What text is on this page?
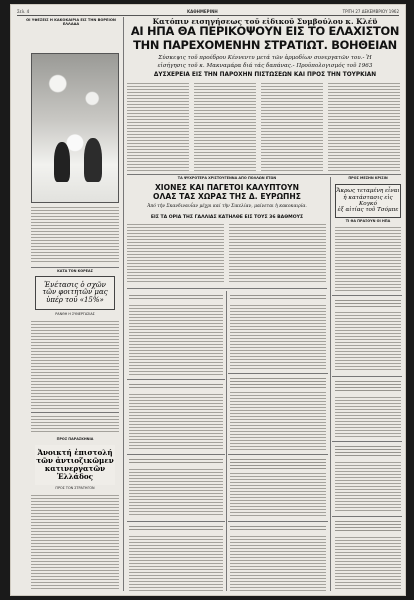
Σελ. 4	ΚΑΘΗΜΕΡΙΝΗ	ΤΡΙΤΗ 27 ΔΕΚΕΜΒΡΙΟΥ 1962
ΟΙ ΥΦΕΣΕΙΣ Η ΚΑΚΟΚΑΙΡΙΑ ΕΙΣ ΤΗΝ ΒΟΡΕΙΟΝ ΕΛΛΑΔΑ
ΚΑΤΑ ΤΟΝ ΚΟΡΕΑΣ
Ἐνέτασις ὁ σχῶν
τῶν φοιτητῶν μας
ὑπέρ τοῦ «15%»
ΡΑΝΘΗ Η ΣΥΝΕΡΓΑΣΙΑΣ
ΠΡΟΣ ΠΑΡΑΣΚΗΝΙΑ
Ἀνοικτή ἐπιστολή
τῶν ἀντιοζικῶμεν
κατινεργατῶν Ἑλλάδος
ΠΡΟΣ ΤΟΝ ΣΤΡΑΤΗΓΟΝ
Κατόπιν εισηγήσεως τοῦ εἰδικοῦ Συμβούλου κ. Κλέϋ
ΑΙ ΗΠΑ ΘΑ ΠΕΡΙΚΟΨΟΥΝ ΕΙΣ ΤΟ ΕΛΑΧΙΣΤΟΝ
ΤΗΝ ΠΑΡΕΧΟΜΕΝΗΝ ΣΤΡΑΤΙΩΤ. ΒΟΗΘΕΙΑΝ
Σύσκεψις τοῦ προέδρου Κέννεντυ μετά τῶν ἁρμοδίων συνεργατῶν του.- Ἡ
εἰσήγησις τοῦ κ. Μακναμάρα διά τάς δαπάνας.- Προϋπολογισμός τοῦ 1963
ΔΥΣΧΕΡΕΙΑ ΕΙΣ ΤΗΝ ΠΑΡΟΧΗΝ ΠΙΣΤΩΣΕΩΝ ΚΑΙ ΠΡΟΣ ΤΗΝ ΤΟΥΡΚΙΑΝ
ΤΑ ΨΥΧΡΟΤΕΡΑ ΧΡΙΣΤΟΥΓΕΝΝΑ ΑΠΟ ΠΟΛΛΩΝ ΕΤΩΝ
ΧΙΟΝΕΣ ΚΑΙ ΠΑΓΕΤΟΙ ΚΑΛΥΠΤΟΥΝ
ΟΛΑΣ ΤΑΣ ΧΩΡΑΣ ΤΗΣ Δ. ΕΥΡΩΠΗΣ
Ἀπό τὴν Σκανδιναυΐαν μέχρι καί τὴν Σικελίαν, μαίνεται ἡ κακοκαιρία.
ΕΙΣ ΤΑ ΟΡΙΑ ΤΗΣ ΓΑΛΛΙΑΣ ΚΑΤΗΛΘΕ ΕΙΣ ΤΟΥΣ 36 ΒΑΘΜΟΥΣ
ΠΡΟΣ ΜΕΣΗΝ ΚΡΙΣΙΝ
Ἄκρως τεταμένη εἶναι
ἡ κατάστασις εἰς Κογκό
ἐξ αἰτίας τοῦ Τσόμπε
ΤΙ ΘΑ ΠΡΑΞΟΥΝ ΟΙ ΗΠΑ
